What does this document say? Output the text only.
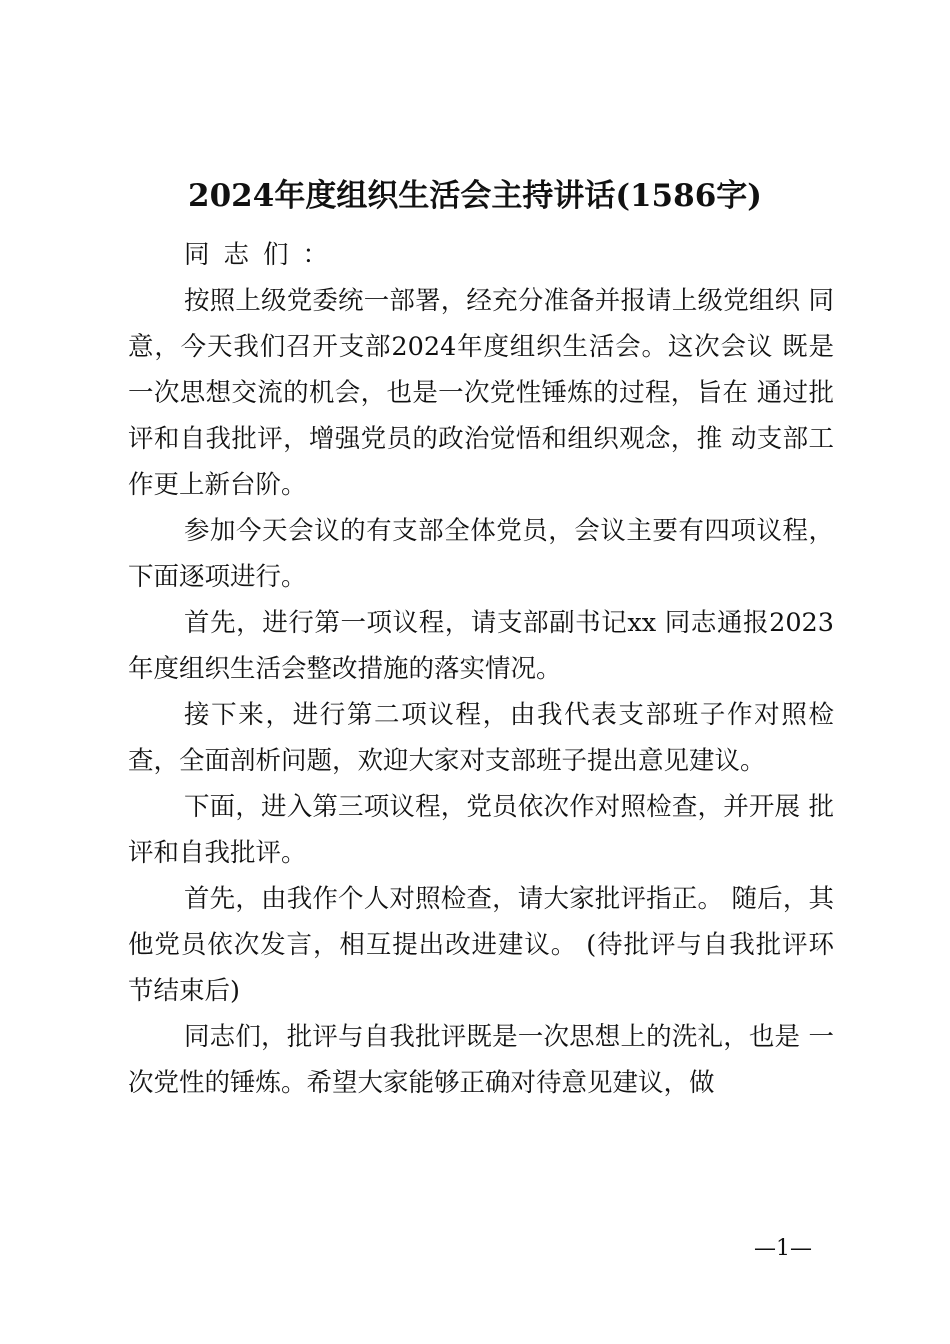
2024年度组织生活会主持讲话(1586字)

同志们：

按照上级党委统一部署，经充分准备并报请上级党组织 同意，今天我们召开支部2024年度组织生活会。这次会议 既是一次思想交流的机会，也是一次党性锤炼的过程，旨在 通过批评和自我批评，增强党员的政治觉悟和组织观念，推 动支部工作更上新台阶。

参加今天会议的有支部全体党员，会议主要有四项议程， 下面逐项进行。

首先，进行第一项议程，请支部副书记xx 同志通报2023年度组织生活会整改措施的落实情况。

接下来，进行第二项议程，由我代表支部班子作对照检 查，全面剖析问题，欢迎大家对支部班子提出意见建议。

下面，进入第三项议程，党员依次作对照检查，并开展 批评和自我批评。

首先，由我作个人对照检查，请大家批评指正。 随后，其他党员依次发言，相互提出改进建议。 (待批评与自我批评环节结束后)

同志们，批评与自我批评既是一次思想上的洗礼，也是 一次党性的锤炼。希望大家能够正确对待意见建议，做

—1—
